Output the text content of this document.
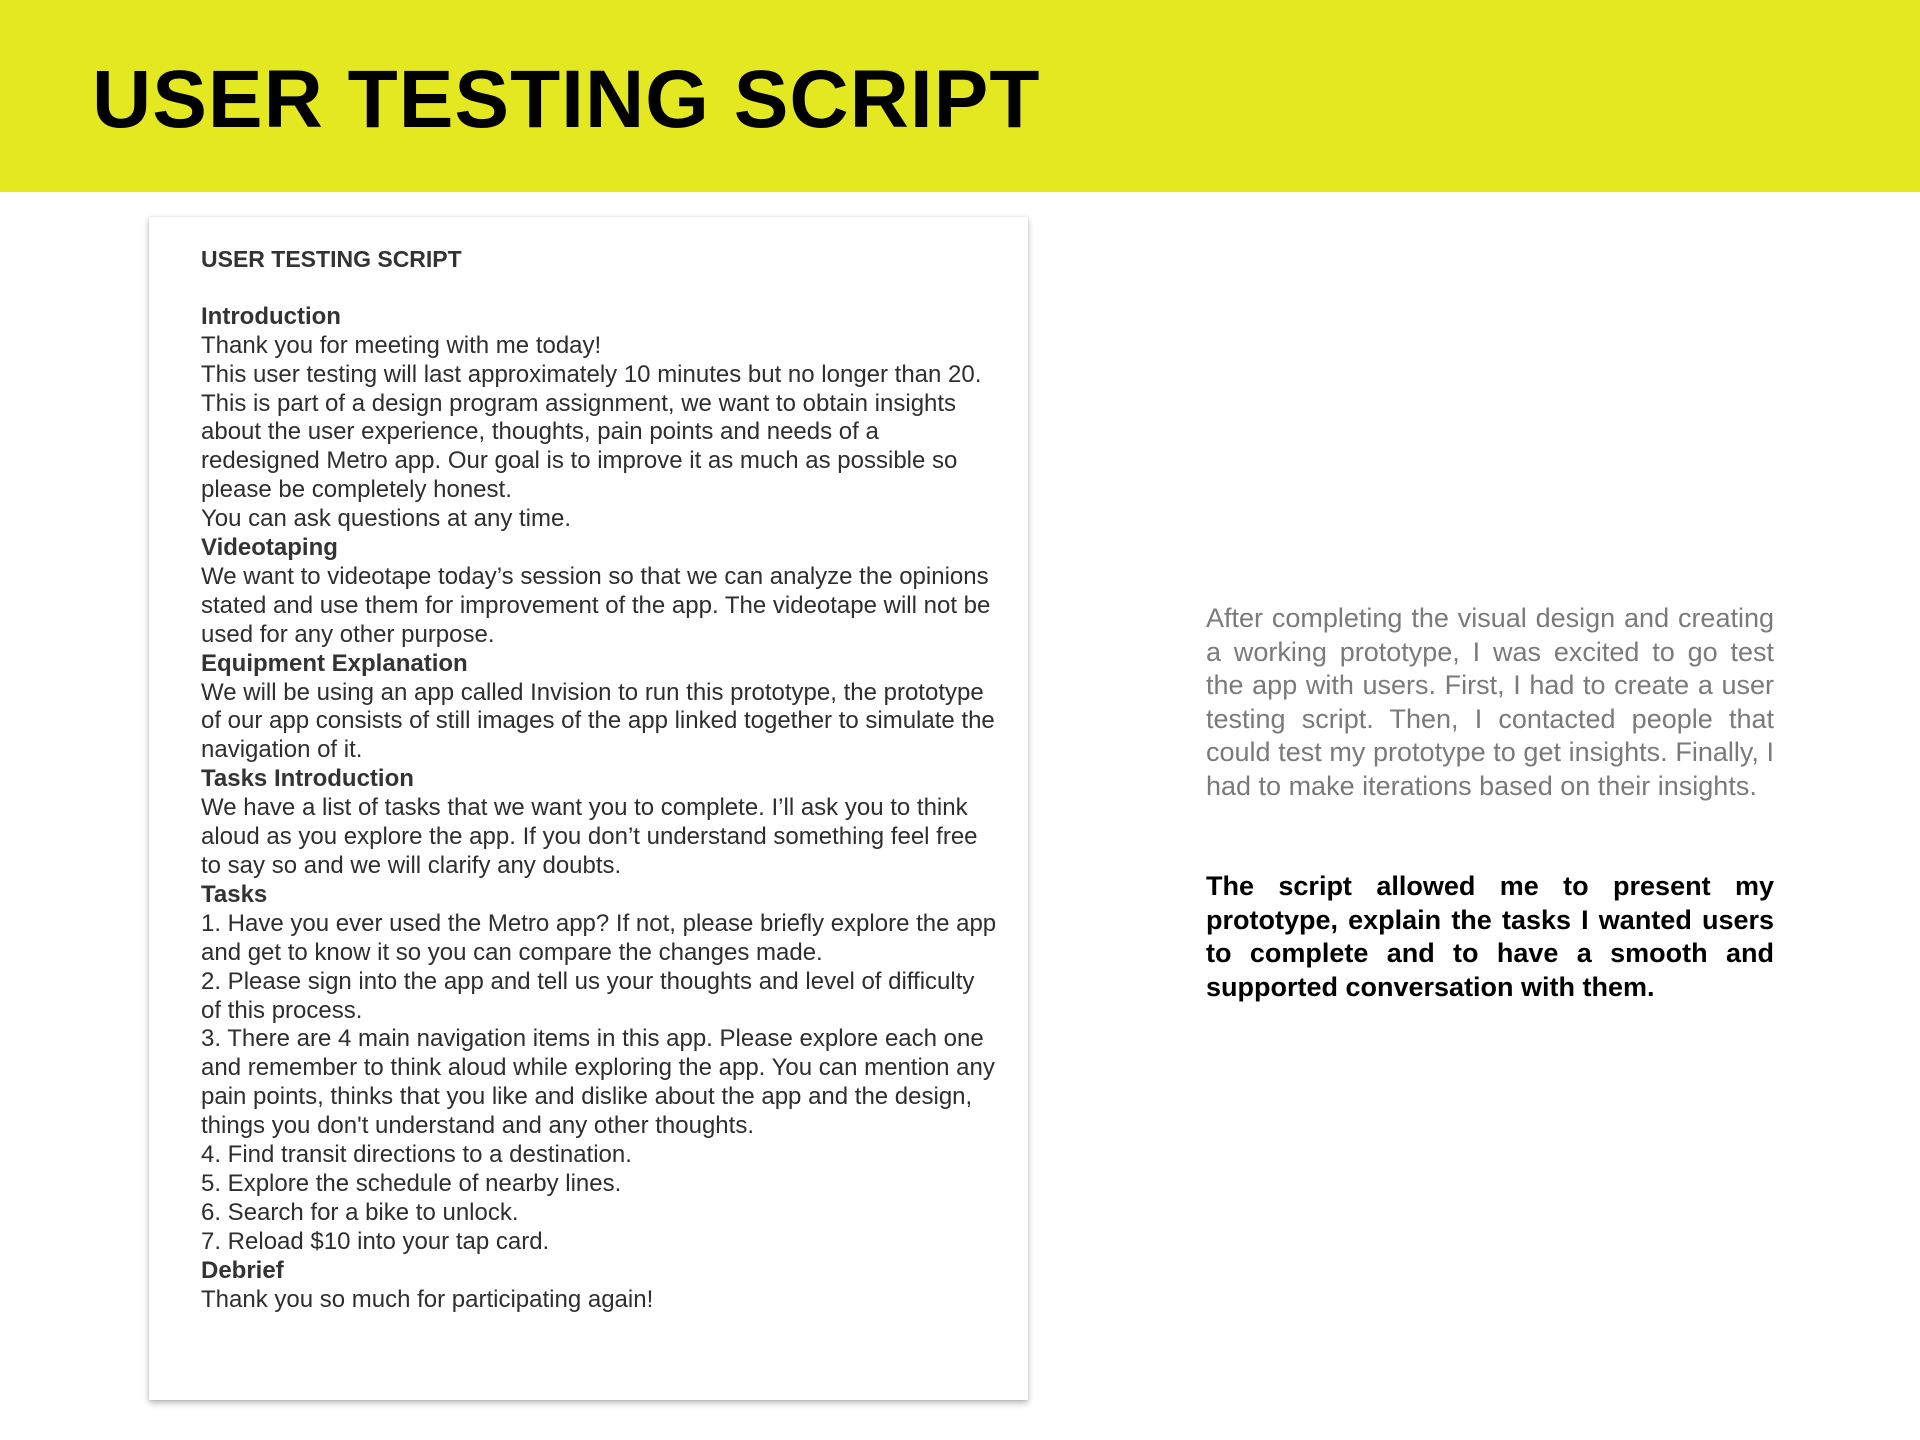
USER TESTING SCRIPT
USER TESTING SCRIPT
Introduction
Thank you for meeting with me today!
This user testing will last approximately 10 minutes but no longer than 20.
This is part of a design program assignment, we want to obtain insights about the user experience, thoughts, pain points and needs of a redesigned Metro app. Our goal is to improve it as much as possible so please be completely honest.
You can ask questions at any time.
Videotaping
We want to videotape today’s session so that we can analyze the opinions stated and use them for improvement of the app. The videotape will not be used for any other purpose.
Equipment Explanation
We will be using an app called Invision to run this prototype, the prototype of our app consists of still images of the app linked together to simulate the navigation of it.
Tasks Introduction
We have a list of tasks that we want you to complete. I’ll ask you to think aloud as you explore the app. If you don’t understand something feel free to say so and we will clarify any doubts.
Tasks
1. Have you ever used the Metro app? If not, please briefly explore the app and get to know it so you can compare the changes made.
2. Please sign into the app and tell us your thoughts and level of difficulty of this process.
3. There are 4 main navigation items in this app. Please explore each one and remember to think aloud while exploring the app. You can mention any pain points, thinks that you like and dislike about the app and the design, things you don't understand and any other thoughts.
4. Find transit directions to a destination.
5. Explore the schedule of nearby lines.
6. Search for a bike to unlock.
7. Reload $10 into your tap card.
Debrief
Thank you so much for participating again!

After completing the visual design and creating a working prototype, I was excited to go test the app with users. First, I had to create a user testing script. Then, I contacted people that could test my prototype to get insights. Finally, I had to make iterations based on their insights.

The script allowed me to present my prototype, explain the tasks I wanted users to complete and to have a smooth and supported conversation with them.
